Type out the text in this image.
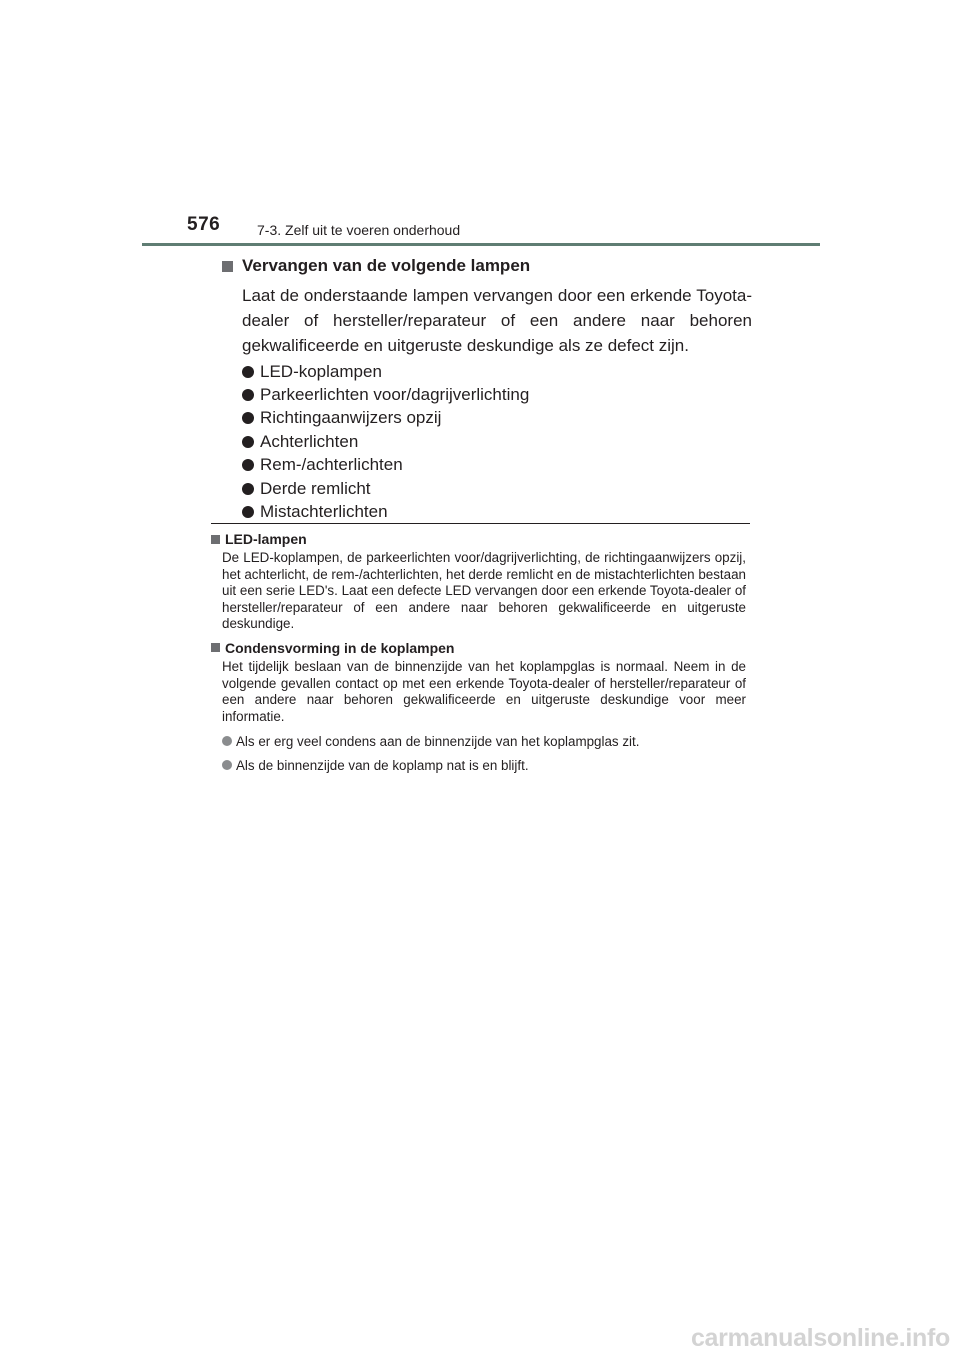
576	7-3. Zelf uit te voeren onderhoud
Vervangen van de volgende lampen

Laat de onderstaande lampen vervangen door een erkende Toyota-dealer of hersteller/reparateur of een andere naar behoren gekwalificeerde en uitgeruste deskundige als ze defect zijn.

LED-koplampen
Parkeerlichten voor/dagrijverlichting
Richtingaanwijzers opzij
Achterlichten
Rem-/achterlichten
Derde remlicht
Mistachterlichten
LED-lampen

De LED-koplampen, de parkeerlichten voor/dagrijverlichting, de richtingaanwijzers opzij, het achterlicht, de rem-/achterlichten, het derde remlicht en de mistachterlichten bestaan uit een serie LED's. Laat een defecte LED vervangen door een erkende Toyota-dealer of hersteller/reparateur of een andere naar behoren gekwalificeerde en uitgeruste deskundige.

Condensvorming in de koplampen

Het tijdelijk beslaan van de binnenzijde van het koplampglas is normaal. Neem in de volgende gevallen contact op met een erkende Toyota-dealer of hersteller/reparateur of een andere naar behoren gekwalificeerde en uitgeruste deskundige voor meer informatie.

Als er erg veel condens aan de binnenzijde van het koplampglas zit.
Als de binnenzijde van de koplamp nat is en blijft.
carmanualsonline.info
